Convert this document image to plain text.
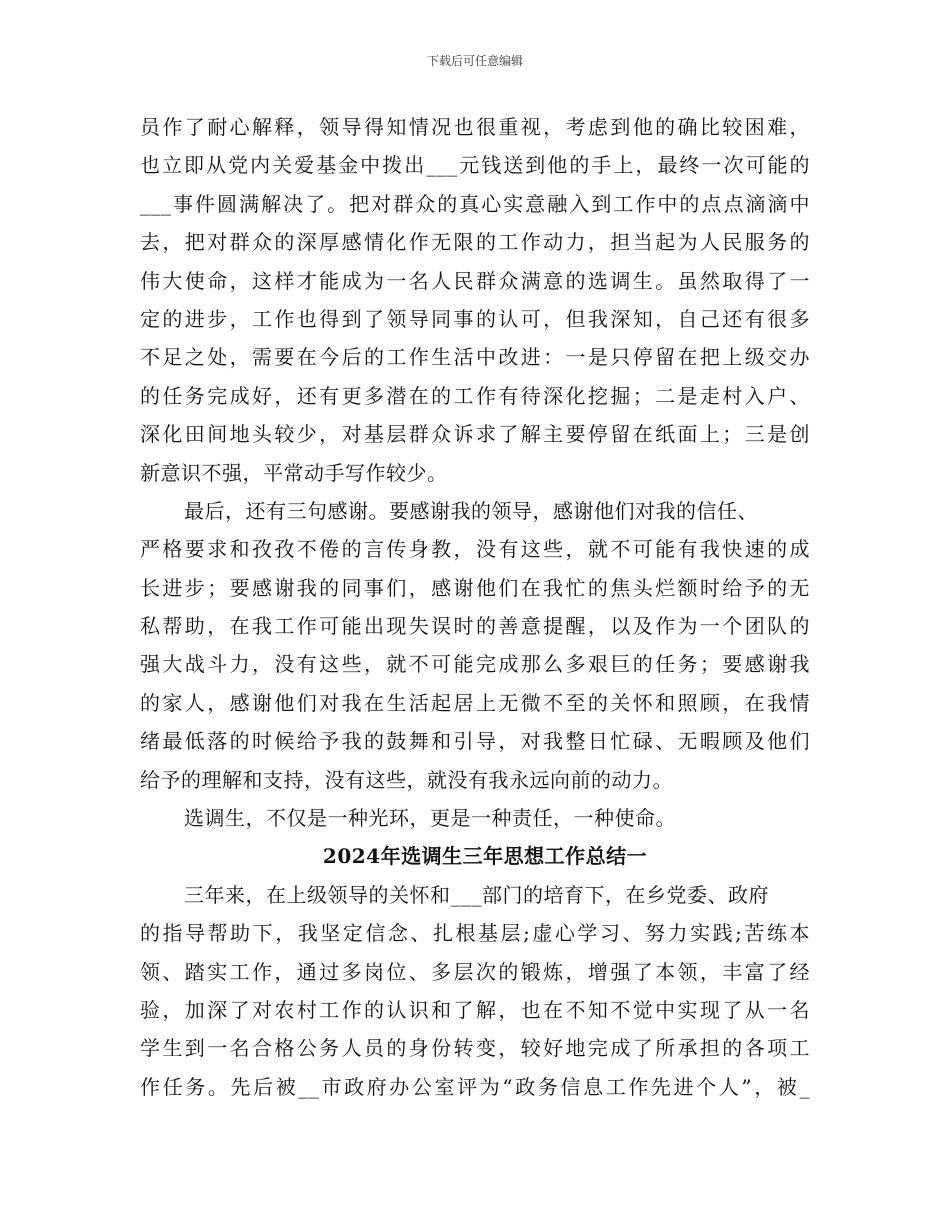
下载后可任意编辑
员作了耐心解释，领导得知情况也很重视，考虑到他的确比较困难，
也立即从党内关爱基金中拨出___元钱送到他的手上，最终一次可能的
___事件圆满解决了。把对群众的真心实意融入到工作中的点点滴滴中
去，把对群众的深厚感情化作无限的工作动力，担当起为人民服务的
伟大使命，这样才能成为一名人民群众满意的选调生。虽然取得了一
定的进步，工作也得到了领导同事的认可，但我深知，自己还有很多
不足之处，需要在今后的工作生活中改进：一是只停留在把上级交办
的任务完成好，还有更多潜在的工作有待深化挖掘；二是走村入户、
深化田间地头较少，对基层群众诉求了解主要停留在纸面上；三是创
新意识不强，平常动手写作较少。
最后，还有三句感谢。要感谢我的领导，感谢他们对我的信任、
严格要求和孜孜不倦的言传身教，没有这些，就不可能有我快速的成
长进步；要感谢我的同事们，感谢他们在我忙的焦头烂额时给予的无
私帮助，在我工作可能出现失误时的善意提醒，以及作为一个团队的
强大战斗力，没有这些，就不可能完成那么多艰巨的任务；要感谢我
的家人，感谢他们对我在生活起居上无微不至的关怀和照顾，在我情
绪最低落的时候给予我的鼓舞和引导，对我整日忙碌、无暇顾及他们
给予的理解和支持，没有这些，就没有我永远向前的动力。
选调生，不仅是一种光环，更是一种责任，一种使命。
2024年选调生三年思想工作总结一
三年来，在上级领导的关怀和___部门的培育下，在乡党委、政府
的指导帮助下，我坚定信念、扎根基层;虚心学习、努力实践;苦练本
领、踏实工作，通过多岗位、多层次的锻炼，增强了本领，丰富了经
验，加深了对农村工作的认识和了解，也在不知不觉中实现了从一名
学生到一名合格公务人员的身份转变，较好地完成了所承担的各项工
作任务。先后被__市政府办公室评为“政务信息工作先进个人”，被_
